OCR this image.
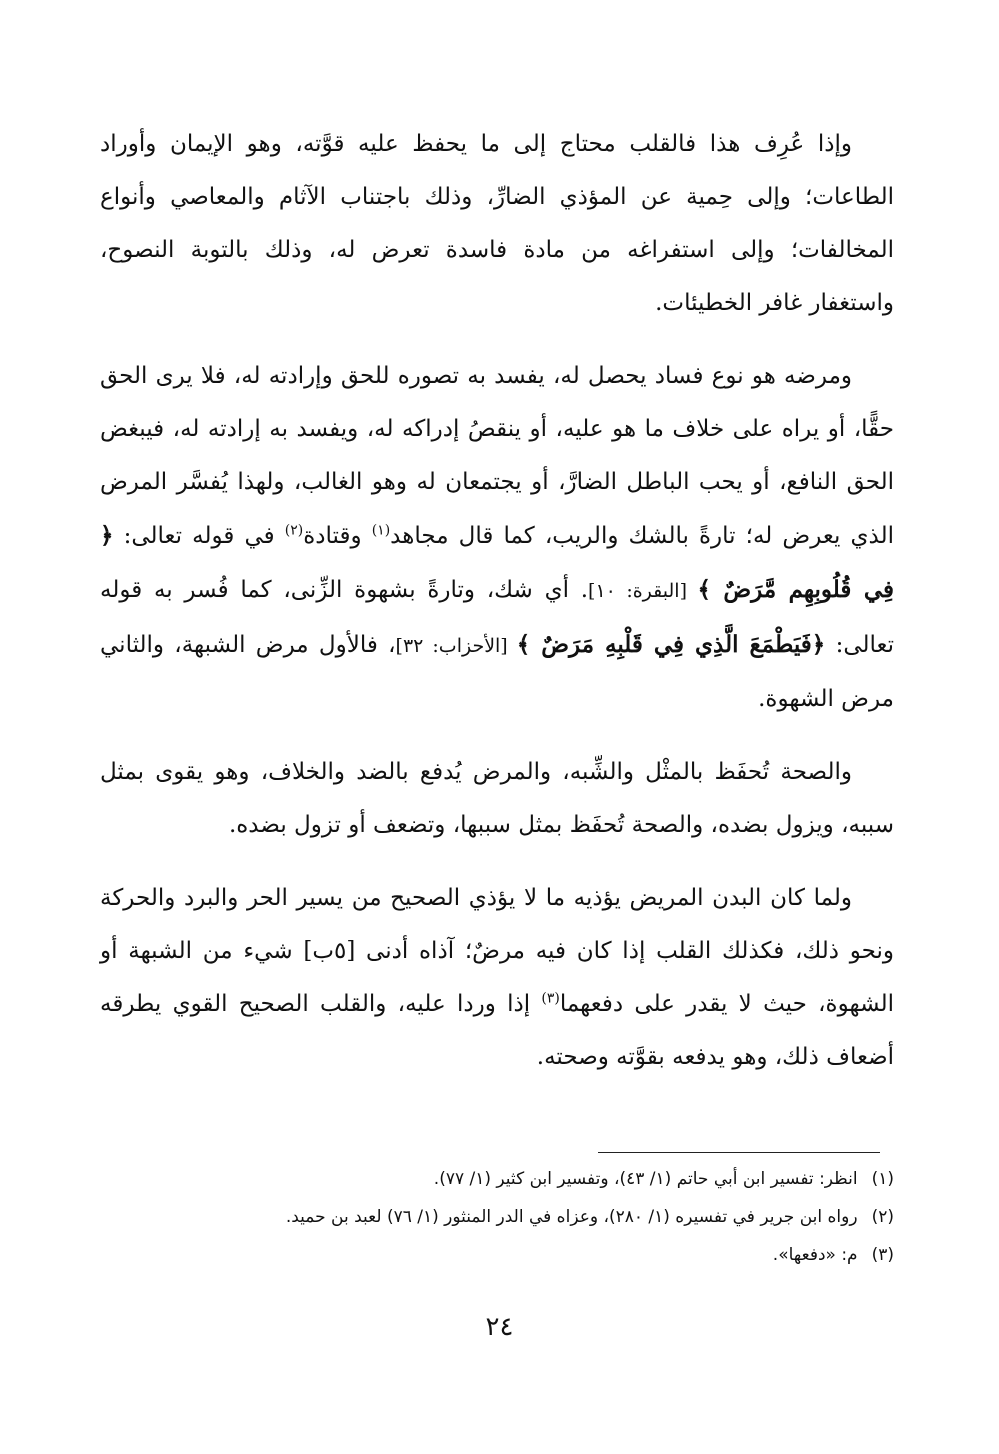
وإذا عُرِف هذا فالقلب محتاج إلى ما يحفظ عليه قوَّته، وهو الإيمان وأوراد الطاعات؛ وإلى حِمية عن المؤذي الضارِّ، وذلك باجتناب الآثام والمعاصي وأنواع المخالفات؛ وإلى استفراغه من مادة فاسدة تعرض له، وذلك بالتوبة النصوح، واستغفار غافر الخطيئات.

ومرضه هو نوع فساد يحصل له، يفسد به تصوره للحق وإرادته له، فلا يرى الحق حقًّا، أو يراه على خلاف ما هو عليه، أو ينقصُ إدراكه له، ويفسد به إرادته له، فيبغض الحق النافع، أو يحب الباطل الضارَّ، أو يجتمعان له وهو الغالب، ولهذا يُفسَّر المرض الذي يعرض له؛ تارةً بالشك والريب، كما قال مجاهد$^{(١)}$ وقتادة$^{(٢)}$ في قوله تعالى: ﴿ فِي قُلُوبِهِم مَّرَضٌ ﴾ [البقرة: ١٠]. أي شك، وتارةً بشهوة الزِّنى، كما فُسر به قوله تعالى: ﴿فَيَطْمَعَ الَّذِي فِي قَلْبِهِ مَرَضٌ ﴾ [الأحزاب: ٣٢]، فالأول مرض الشبهة، والثاني مرض الشهوة.

والصحة تُحفَظ بالمثْل والشِّبه، والمرض يُدفع بالضد والخلاف، وهو يقوى بمثل سببه، ويزول بضده، والصحة تُحفَظ بمثل سببها، وتضعف أو تزول بضده.

ولما كان البدن المريض يؤذيه ما لا يؤذي الصحيح من يسير الحر والبرد والحركة ونحو ذلك، فكذلك القلب إذا كان فيه مرضٌ؛ آذاه أدنى [٥ب] شيء من الشبهة أو الشهوة، حيث لا يقدر على دفعهما$^{(٣)}$ إذا وردا عليه، والقلب الصحيح القوي يطرقه أضعاف ذلك، وهو يدفعه بقوَّته وصحته.

(١)انظر: تفسير ابن أبي حاتم (١/ ٤٣)، وتفسير ابن كثير (١/ ٧٧).

(٢)رواه ابن جرير في تفسيره (١/ ٢٨٠)، وعزاه في الدر المنثور (١/ ٧٦) لعبد بن حميد.

(٣)م: «دفعها».

٢٤
